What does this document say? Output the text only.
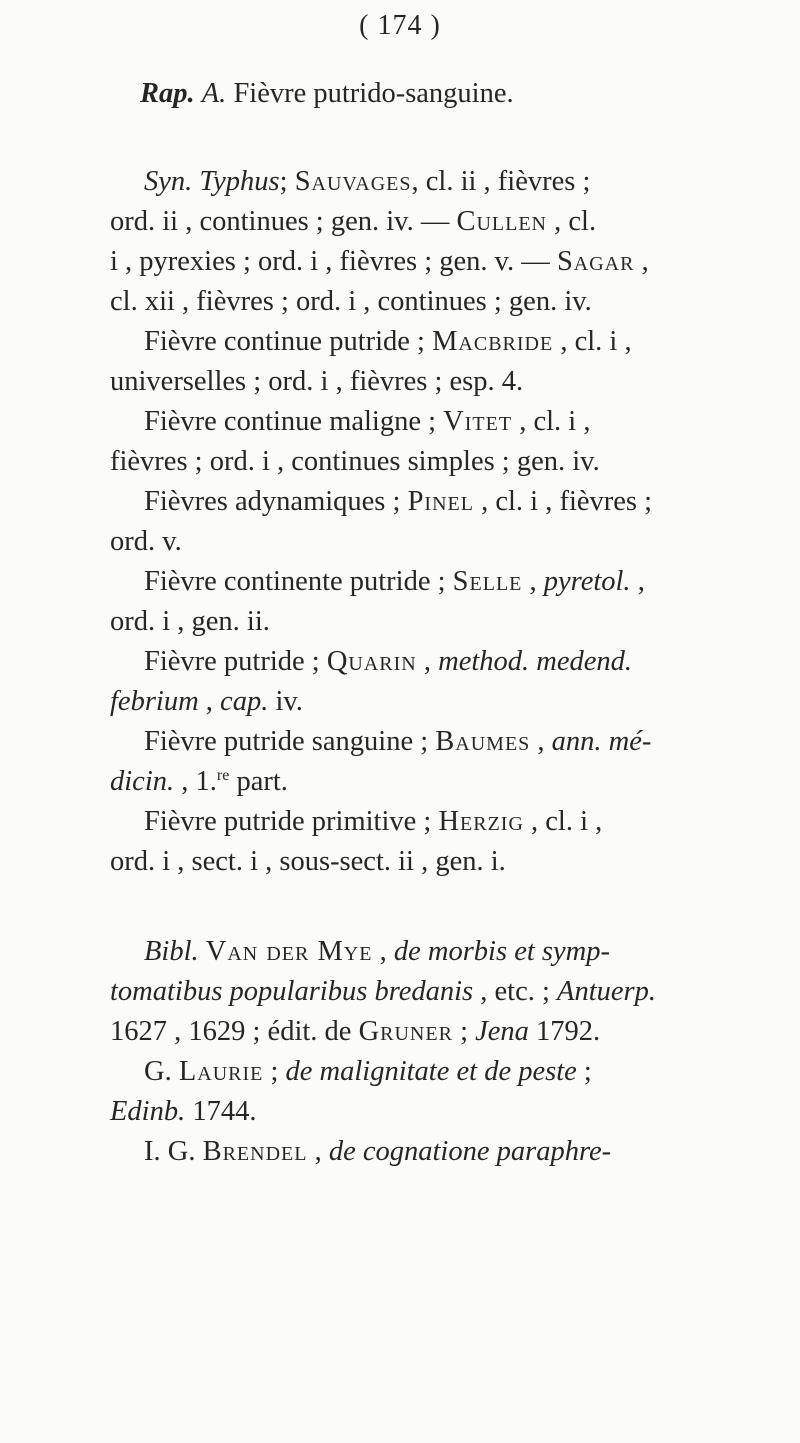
( 174 )
Rap. A. Fièvre putrido-sanguine.
Syn. Typhus; Sauvages, cl. ii , fièvres ;
ord. ii , continues ; gen. iv. — Cullen , cl.
i , pyrexies ; ord. i , fièvres ; gen. v. — Sagar ,
cl. xii , fièvres ; ord. i , continues ; gen. iv.
Fièvre continue putride ; Macbride , cl. i ,
universelles ; ord. i , fièvres ; esp. 4.
Fièvre continue maligne ; Vitet , cl. i ,
fièvres ; ord. i , continues simples ; gen. iv.
Fièvres adynamiques ; Pinel , cl. i , fièvres ;
ord. v.
Fièvre continente putride ; Selle , pyretol. ,
ord. i , gen. ii.
Fièvre putride ; Quarin , method. medend.
febrium , cap. iv.
Fièvre putride sanguine ; Baumes , ann. mé-
dicin. , 1.$^{re}$ part.
Fièvre putride primitive ; Herzig , cl. i ,
ord. i , sect. i , sous-sect. ii , gen. i.
Bibl. Van der Mye , de morbis et symp-
tomatibus popularibus bredanis , etc. ; Antuerp.
1627 , 1629 ; édit. de Gruner ; Jena 1792.
G. Laurie ; de malignitate et de peste ;
Edinb. 1744.
I. G. Brendel , de cognatione paraphre-
